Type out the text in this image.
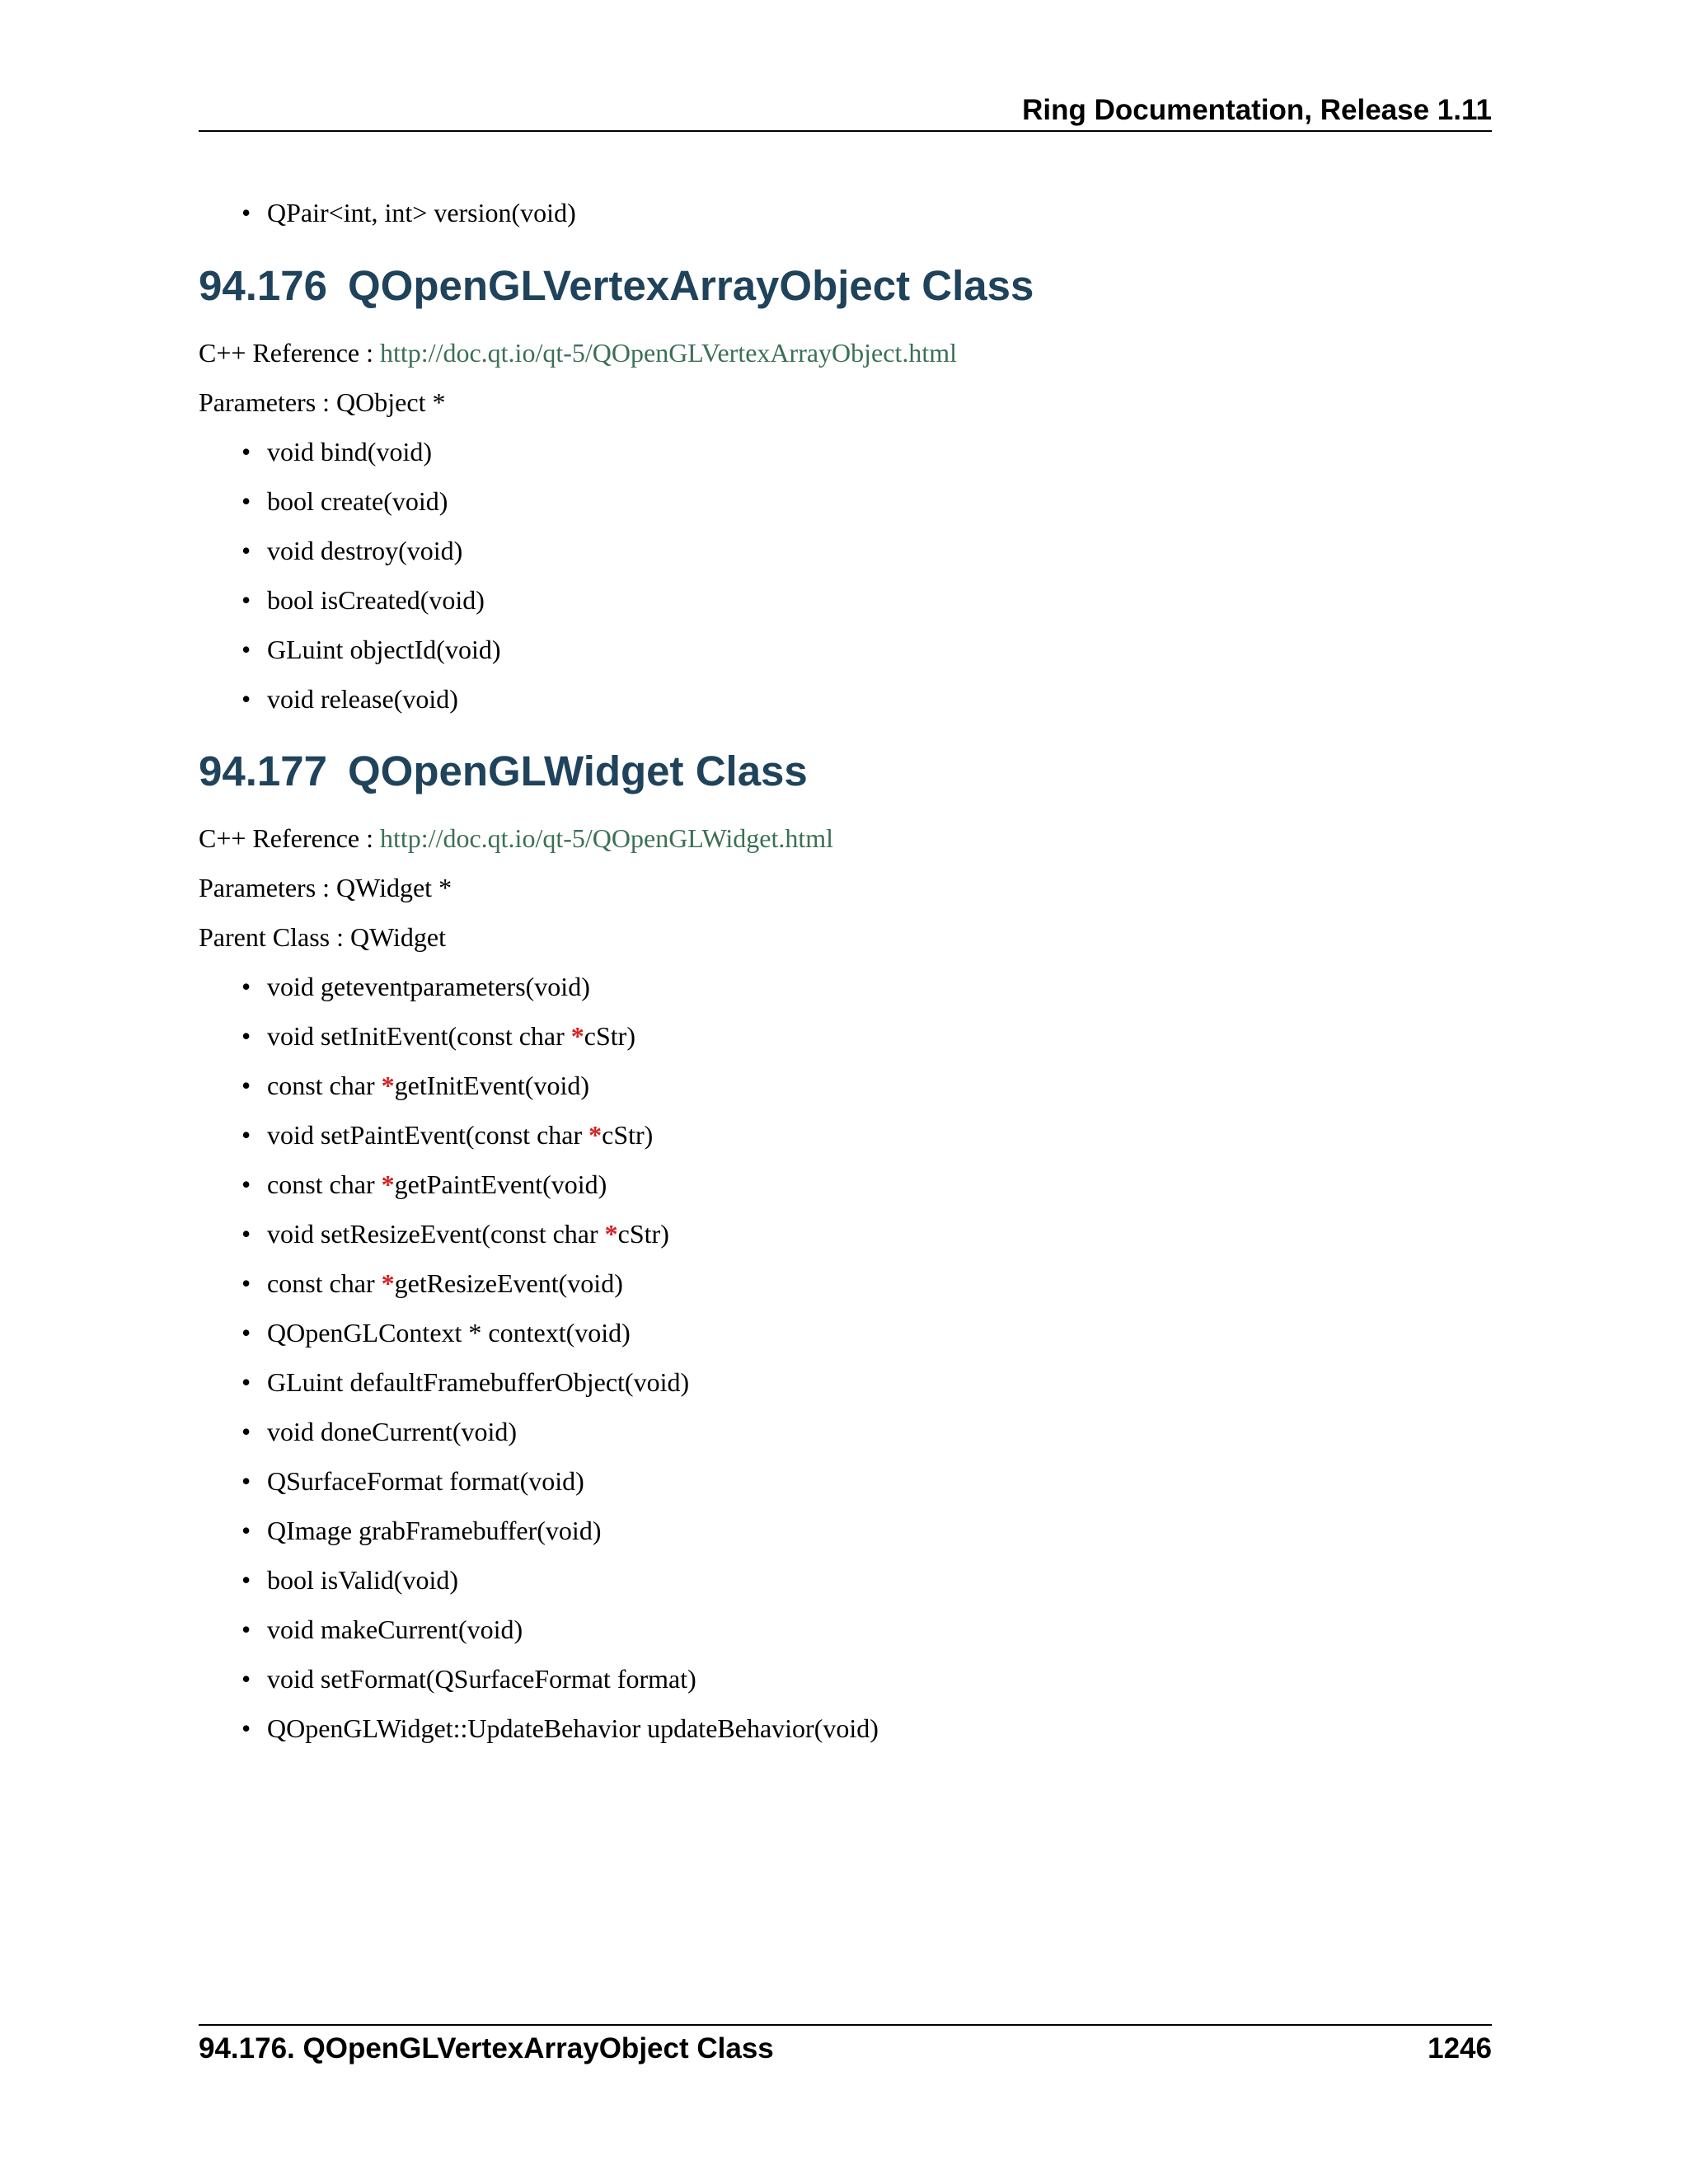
Ring Documentation, Release 1.11
• QPair<int, int> version(void)
94.176 QOpenGLVertexArrayObject Class

C++ Reference : http://doc.qt.io/qt-5/QOpenGLVertexArrayObject.html

Parameters : QObject *

• void bind(void)
• bool create(void)
• void destroy(void)
• bool isCreated(void)
• GLuint objectId(void)
• void release(void)
94.177 QOpenGLWidget Class

C++ Reference : http://doc.qt.io/qt-5/QOpenGLWidget.html

Parameters : QWidget *

Parent Class : QWidget

• void geteventparameters(void)
• void setInitEvent(const char *cStr)
• const char *getInitEvent(void)
• void setPaintEvent(const char *cStr)
• const char *getPaintEvent(void)
• void setResizeEvent(const char *cStr)
• const char *getResizeEvent(void)
• QOpenGLContext * context(void)
• GLuint defaultFramebufferObject(void)
• void doneCurrent(void)
• QSurfaceFormat format(void)
• QImage grabFramebuffer(void)
• bool isValid(void)
• void makeCurrent(void)
• void setFormat(QSurfaceFormat format)
• QOpenGLWidget::UpdateBehavior updateBehavior(void)
94.176. QOpenGLVertexArrayObject Class	1246
